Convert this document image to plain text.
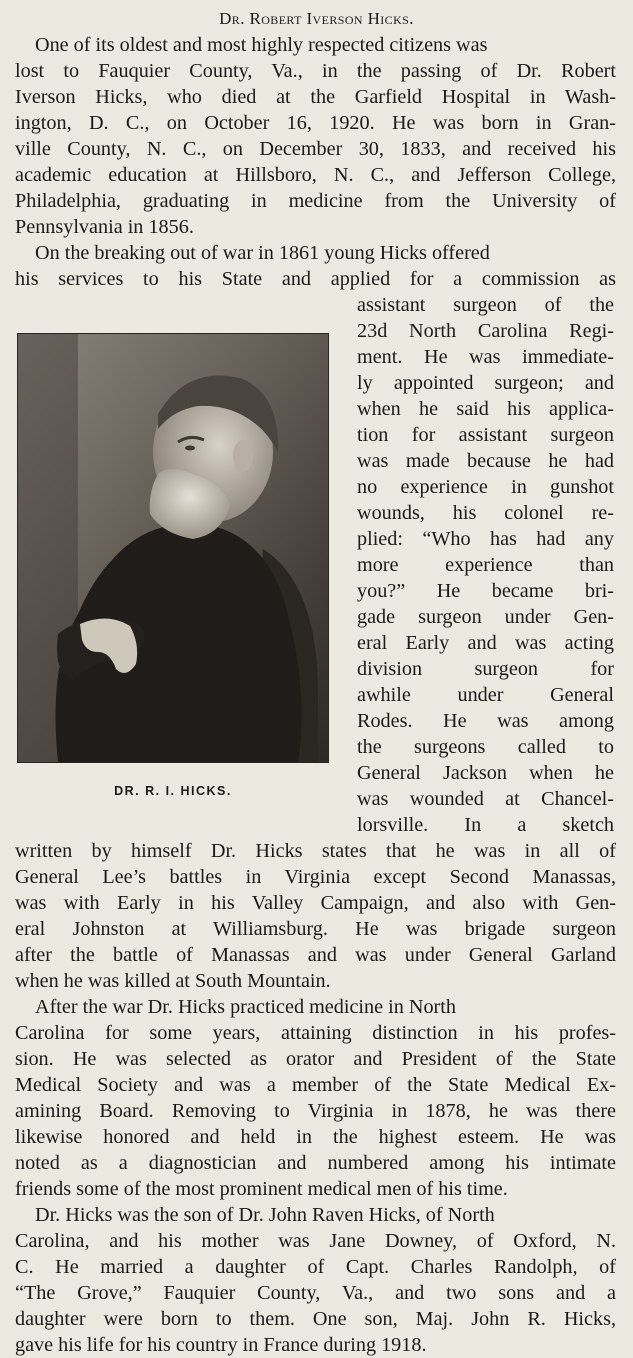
Dr. Robert Iverson Hicks.
One of its oldest and most highly respected citizens was
lost to Fauquier County, Va., in the passing of Dr. Robert
Iverson Hicks, who died at the Garfield Hospital in Wash-
ington, D. C., on October 16, 1920. He was born in Gran-
ville County, N. C., on December 30, 1833, and received his
academic education at Hillsboro, N. C., and Jefferson College,
Philadelphia, graduating in medicine from the University of
Pennsylvania in 1856.
On the breaking out of war in 1861 young Hicks offered
his services to his State and applied for a commission as
assistant surgeon of the
23d North Carolina Regi-
ment. He was immediate-
ly appointed surgeon; and
when he said his applica-
tion for assistant surgeon
was made because he had
no experience in gunshot
wounds, his colonel re-
plied: “Who has had any
more experience than
you?” He became bri-
gade surgeon under Gen-
eral Early and was acting
division surgeon for
awhile under General
Rodes. He was among
the surgeons called to
General Jackson when he
was wounded at Chancel-
lorsville. In a sketch
written by himself Dr. Hicks states that he was in all of
General Lee’s battles in Virginia except Second Manassas,
was with Early in his Valley Campaign, and also with Gen-
eral Johnston at Williamsburg. He was brigade surgeon
after the battle of Manassas and was under General Garland
when he was killed at South Mountain.
After the war Dr. Hicks practiced medicine in North
Carolina for some years, attaining distinction in his profes-
sion. He was selected as orator and President of the State
Medical Society and was a member of the State Medical Ex-
amining Board. Removing to Virginia in 1878, he was there
likewise honored and held in the highest esteem. He was
noted as a diagnostician and numbered among his intimate
friends some of the most prominent medical men of his time.
Dr. Hicks was the son of Dr. John Raven Hicks, of North
Carolina, and his mother was Jane Downey, of Oxford, N.
C. He married a daughter of Capt. Charles Randolph, of
“The Grove,” Fauquier County, Va., and two sons and a
daughter were born to them. One son, Maj. John R. Hicks,
gave his life for his country in France during 1918.
DR. R. I. HICKS.
